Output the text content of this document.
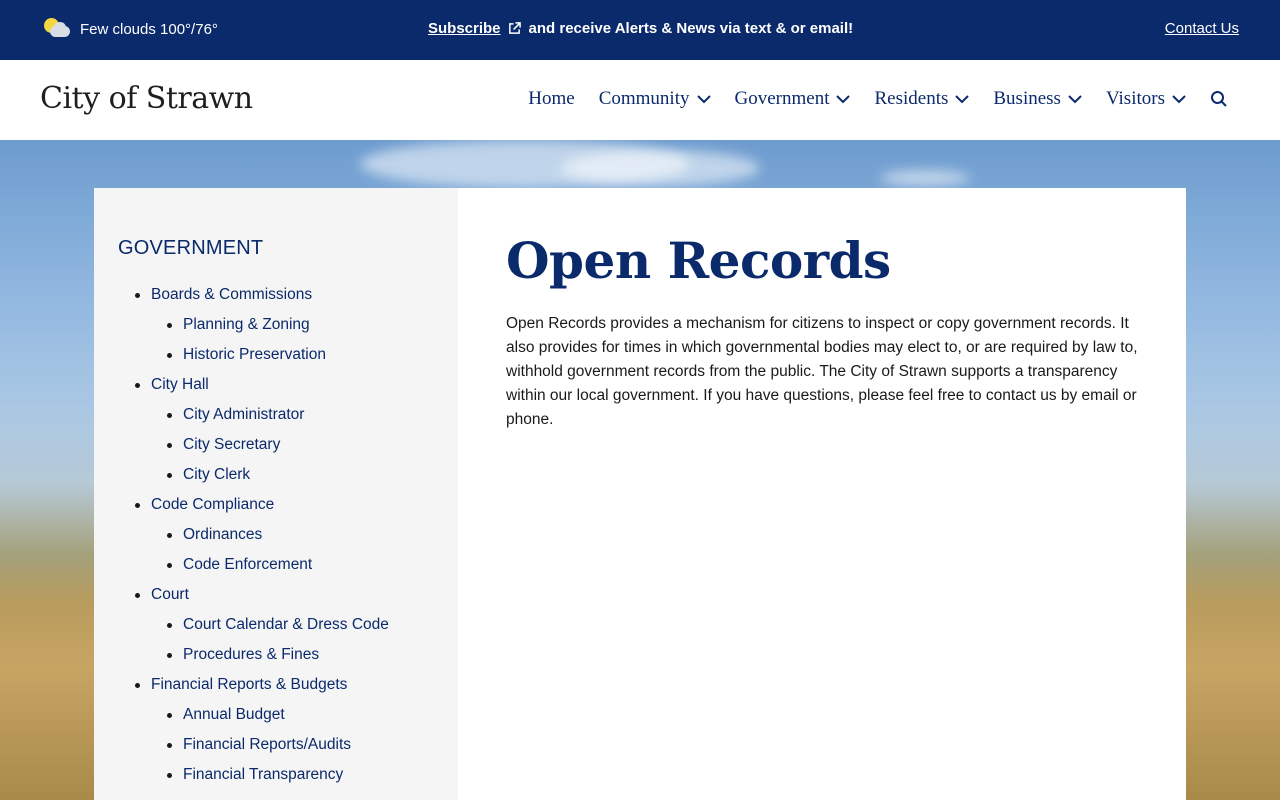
Few clouds 100°/76°	Subscribe and receive Alerts & News via text & or email!	Contact Us
City of Strawn	Home Community Government Residents Business Visitors
GOVERNMENT
Boards & Commissions
Planning & Zoning
Historic Preservation
City Hall
City Administrator
City Secretary
City Clerk
Code Compliance
Ordinances
Code Enforcement
Court
Court Calendar & Dress Code
Procedures & Fines
Financial Reports & Budgets
Annual Budget
Financial Reports/Audits
Financial Transparency
Open Records

Open Records provides a mechanism for citizens to inspect or copy government records. It also provides for times in which governmental bodies may elect to, or are required by law to, withhold government records from the public. The City of Strawn supports a transparency within our local government. If you have questions, please feel free to contact us by email or phone.
